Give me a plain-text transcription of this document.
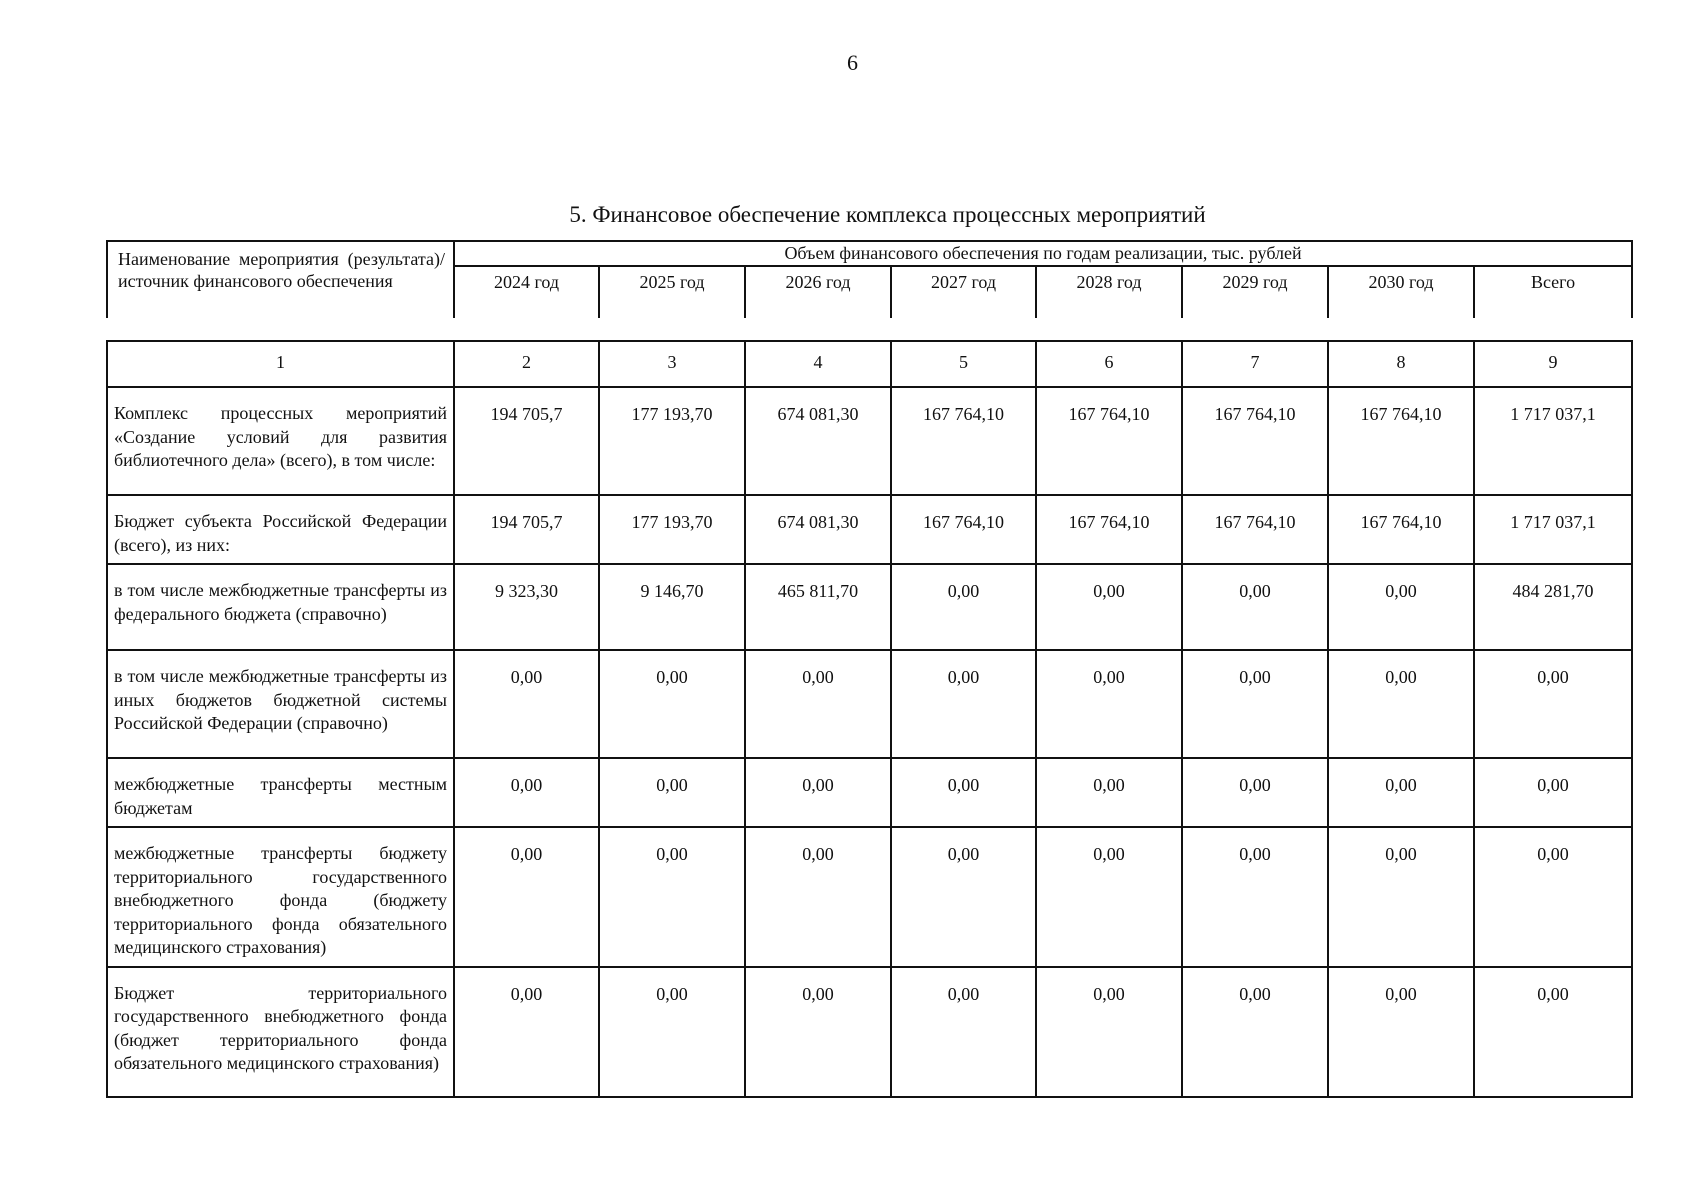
6
5. Финансовое обеспечение комплекса процессных мероприятий
Наименование мероприятия (результата)/ источник финансового обеспечения	Объем финансового обеспечения по годам реализации, тыс. рублей							
	2024 год	2025 год	2026 год	2027 год	2028 год	2029 год	2030 год	Всего
1	2	3	4	5	6	7	8	9
Комплекс процессных мероприятий «Создание условий для развития библиотечного дела» (всего), в том числе:	194 705,7	177 193,70	674 081,30	167 764,10	167 764,10	167 764,10	167 764,10	1 717 037,1
Бюджет субъекта Российской Федерации (всего), из них:	194 705,7	177 193,70	674 081,30	167 764,10	167 764,10	167 764,10	167 764,10	1 717 037,1
в том числе межбюджетные трансферты из федерального бюджета (справочно)	9 323,30	9 146,70	465 811,70	0,00	0,00	0,00	0,00	484 281,70
в том числе межбюджетные трансферты из иных бюджетов бюджетной системы Российской Федерации (справочно)	0,00	0,00	0,00	0,00	0,00	0,00	0,00	0,00
межбюджетные трансферты местным бюджетам	0,00	0,00	0,00	0,00	0,00	0,00	0,00	0,00
межбюджетные трансферты бюджету территориального государственного внебюджетного фонда (бюджету территориального фонда обязательного медицинского страхования)	0,00	0,00	0,00	0,00	0,00	0,00	0,00	0,00
Бюджет территориального государственного внебюджетного фонда (бюджет территориального фонда обязательного медицинского страхования)	0,00	0,00	0,00	0,00	0,00	0,00	0,00	0,00
